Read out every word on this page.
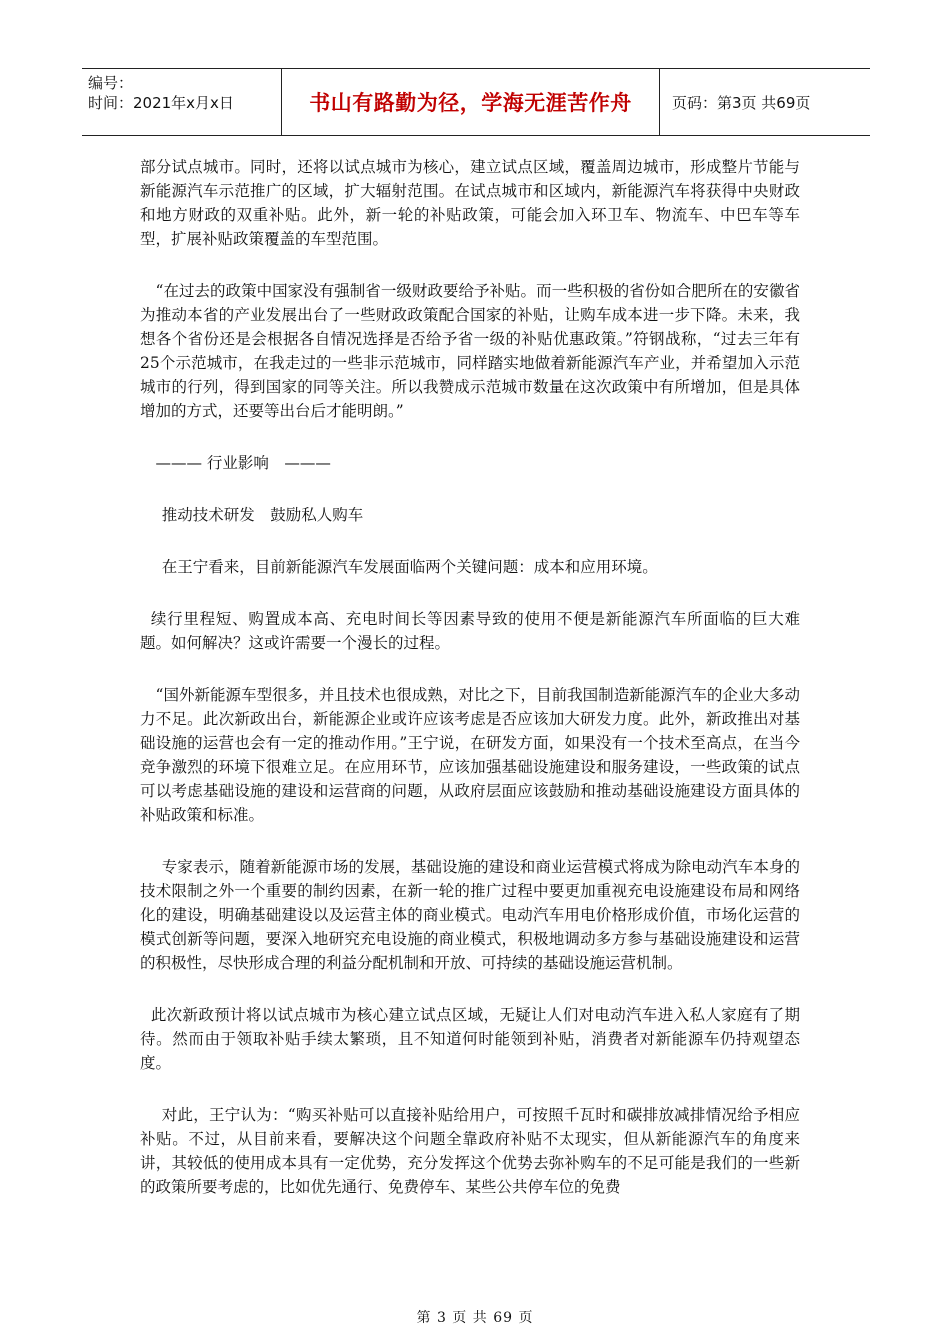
编号：
时间：2021年x月x日	书山有路勤为径，学海无涯苦作舟	页码：第3页 共69页

部分试点城市。同时，还将以试点城市为核心，建立试点区域，覆盖周边城市，形成整片节能与新能源汽车示范推广的区域，扩大辐射范围。在试点城市和区域内，新能源汽车将获得中央财政和地方财政的双重补贴。此外，新一轮的补贴政策，可能会加入环卫车、物流车、中巴车等车型，扩展补贴政策覆盖的车型范围。

“在过去的政策中国家没有强制省一级财政要给予补贴。而一些积极的省份如合肥所在的安徽省为推动本省的产业发展出台了一些财政政策配合国家的补贴，让购车成本进一步下降。未来，我想各个省份还是会根据各自情况选择是否给予省一级的补贴优惠政策。”符钢战称，“过去三年有25个示范城市，在我走过的一些非示范城市，同样踏实地做着新能源汽车产业，并希望加入示范城市的行列，得到国家的同等关注。所以我赞成示范城市数量在这次政策中有所增加，但是具体增加的方式，还要等出台后才能明朗。”

——— 行业影响　———

推动技术研发　鼓励私人购车

在王宁看来，目前新能源汽车发展面临两个关键问题：成本和应用环境。

续行里程短、购置成本高、充电时间长等因素导致的使用不便是新能源汽车所面临的巨大难题。如何解决？这或许需要一个漫长的过程。

“国外新能源车型很多，并且技术也很成熟，对比之下，目前我国制造新能源汽车的企业大多动力不足。此次新政出台，新能源企业或许应该考虑是否应该加大研发力度。此外，新政推出对基础设施的运营也会有一定的推动作用。”王宁说，在研发方面，如果没有一个技术至高点，在当今竞争激烈的环境下很难立足。在应用环节，应该加强基础设施建设和服务建设，一些政策的试点可以考虑基础设施的建设和运营商的问题，从政府层面应该鼓励和推动基础设施建设方面具体的补贴政策和标准。

专家表示，随着新能源市场的发展，基础设施的建设和商业运营模式将成为除电动汽车本身的技术限制之外一个重要的制约因素，在新一轮的推广过程中要更加重视充电设施建设布局和网络化的建设，明确基础建设以及运营主体的商业模式。电动汽车用电价格形成价值，市场化运营的模式创新等问题，要深入地研究充电设施的商业模式，积极地调动多方参与基础设施建设和运营的积极性，尽快形成合理的利益分配机制和开放、可持续的基础设施运营机制。

此次新政预计将以试点城市为核心建立试点区域，无疑让人们对电动汽车进入私人家庭有了期待。然而由于领取补贴手续太繁琐，且不知道何时能领到补贴，消费者对新能源车仍持观望态度。

对此，王宁认为：“购买补贴可以直接补贴给用户，可按照千瓦时和碳排放减排情况给予相应补贴。不过，从目前来看，要解决这个问题全靠政府补贴不太现实，但从新能源汽车的角度来讲，其较低的使用成本具有一定优势，充分发挥这个优势去弥补购车的不足可能是我们的一些新的政策所要考虑的，比如优先通行、免费停车、某些公共停车位的免费

第 3 页 共 69 页
